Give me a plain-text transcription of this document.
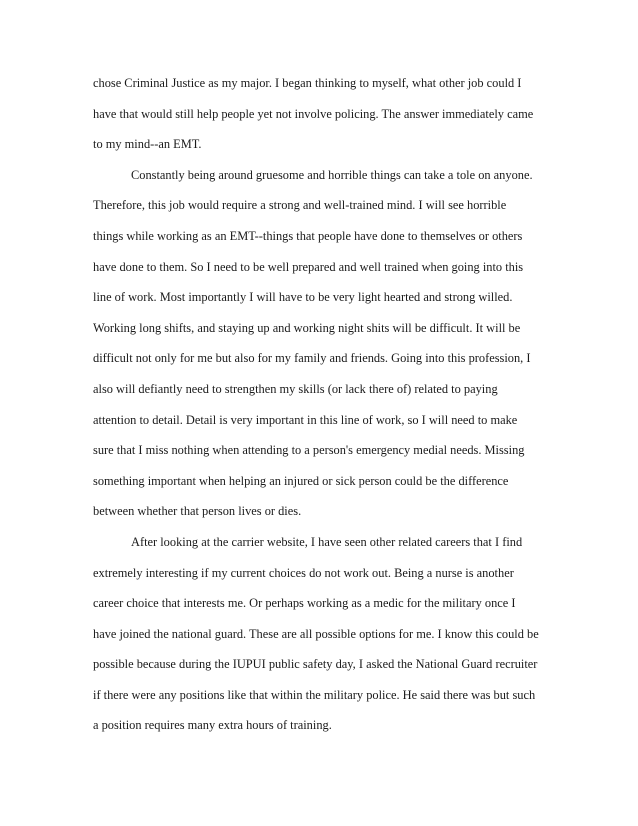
chose Criminal Justice as my major. I began thinking to myself, what other job could I
have that would still help people yet not involve policing. The answer immediately came
to my mind--an EMT.
Constantly being around gruesome and horrible things can take a tole on anyone.
Therefore, this job would require a strong and well-trained mind. I will see horrible
things while working as an EMT--things that people have done to themselves or others
have done to them. So I need to be well prepared and well trained when going into this
line of work. Most importantly I will have to be very light hearted and strong willed.
Working long shifts, and staying up and working night shits will be difficult. It will be
difficult not only for me but also for my family and friends. Going into this profession, I
also will defiantly need to strengthen my skills (or lack there of) related to paying
attention to detail. Detail is very important in this line of work, so I will need to make
sure that I miss nothing when attending to a person's emergency medial needs. Missing
something important when helping an injured or sick person could be the difference
between whether that person lives or dies.
After looking at the carrier website, I have seen other related careers that I find
extremely interesting if my current choices do not work out. Being a nurse is another
career choice that interests me. Or perhaps working as a medic for the military once I
have joined the national guard. These are all possible options for me. I know this could be
possible because during the IUPUI public safety day, I asked the National Guard recruiter
if there were any positions like that within the military police. He said there was but such
a position requires many extra hours of training.
